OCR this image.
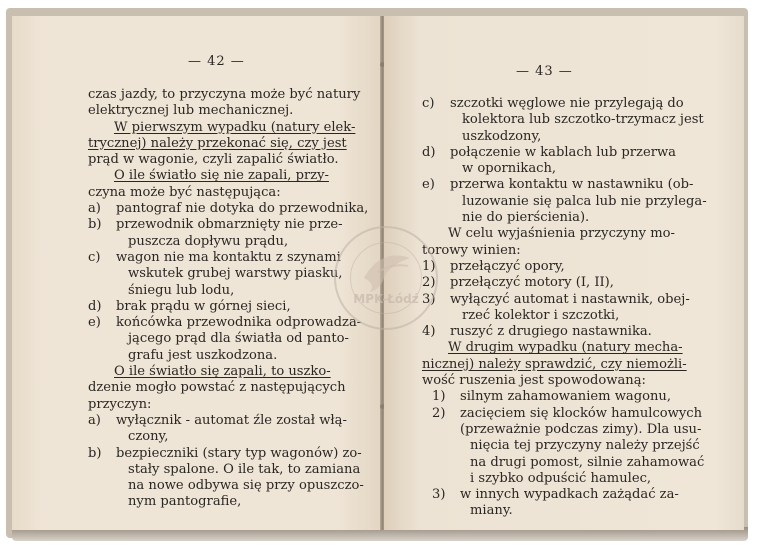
— 42 —
czas jazdy, to przyczyna może być natury
elektrycznej lub mechanicznej.
W pierwszym wypadku (natury elek-
trycznej) należy przekonać się, czy jest
prąd w wagonie, czyli zapalić światło.
O ile światło się nie zapali, przy-
czyna może być następująca:
a)	pantograf nie dotyka do przewodnika,
b)	przewodnik obmarznięty nie prze-
puszcza dopływu prądu,
c)	wagon nie ma kontaktu z szynami
wskutek grubej warstwy piasku,
śniegu lub lodu,
d)	brak prądu w górnej sieci,
e)	końcówka przewodnika odprowadza-
jącego prąd dla światła od panto-
grafu jest uszkodzona.
O ile światło się zapali, to uszko-
dzenie mogło powstać z następujących
przyczyn:
a)	wyłącznik - automat źle został włą-
czony,
b)	bezpieczniki (stary typ wagonów) zo-
stały spalone. O ile tak, to zamiana
na nowe odbywa się przy opuszczo-
nym pantografie,
— 43 —
c)	szczotki węglowe nie przylegają do
kolektora lub szczotko-trzymacz jest
uszkodzony,
d)	połączenie w kablach lub przerwa
w opornikach,
e)	przerwa kontaktu w nastawniku (ob-
luzowanie się palca lub nie przylega-
nie do pierścienia).
W celu wyjaśnienia przyczyny mo-
torowy winien:
1)	przełączyć opory,
2)	przełączyć motory (I, II),
3)	wyłączyć automat i nastawnik, obej-
rzeć kolektor i szczotki,
4)	ruszyć z drugiego nastawnika.
W drugim wypadku (natury mecha-
nicznej) należy sprawdzić, czy niemożli-
wość ruszenia jest spowodowaną:
1)	silnym zahamowaniem wagonu,
2)	zacięciem się klocków hamulcowych
(przeważnie podczas zimy). Dla usu-
nięcia tej przyczyny należy przejść
na drugi pomost, silnie zahamować
i szybko odpuścić hamulec,
3)	w innych wypadkach zażądać za-
miany.
MPK-Łódź
